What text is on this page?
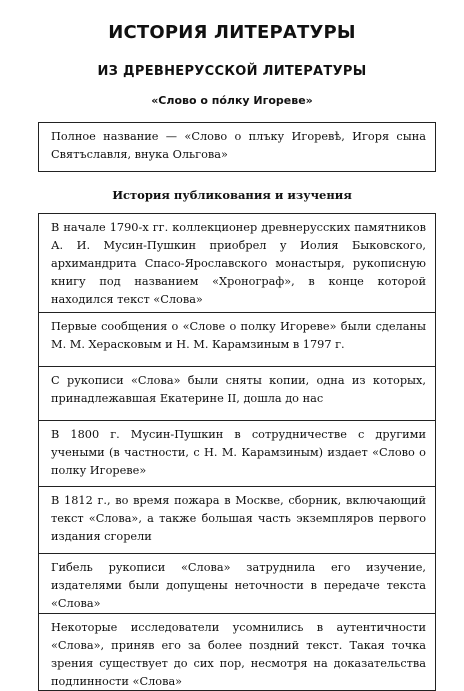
ИСТОРИЯ ЛИТЕРАТУРЫ
ИЗ ДРЕВНЕРУССКОЙ ЛИТЕРАТУРЫ
«Слово о пóлку Игореве»
Полное название — «Слово о плъку Игоревѣ, Игоря сына Святъславля, внука Ольгова»
История публикования и изучения
В начале 1790-х гг. коллекционер древнерусских памятников А. И. Мусин-Пушкин приобрел у Иолия Быковского, архимандрита Спасо-Ярославского монастыря, рукописную книгу под названием «Хронограф», в конце которой находился текст «Слова»
Первые сообщения о «Слове о полку Игореве» были сделаны М. М. Херасковым и Н. М. Карамзиным в 1797 г.
С рукописи «Слова» были сняты копии, одна из которых, принадлежавшая Екатерине II, дошла до нас
В 1800 г. Мусин-Пушкин в сотрудничестве с другими учеными (в частности, с Н. М. Карамзиным) издает «Слово о полку Игореве»
В 1812 г., во время пожара в Москве, сборник, включающий текст «Слова», а также большая часть экземпляров первого издания сгорели
Гибель рукописи «Слова» затруднила его изучение, издателями были допущены неточности в передаче текста «Слова»
Некоторые исследователи усомнились в аутентичности «Слова», приняв его за более поздний текст. Такая точка зрения существует до сих пор, несмотря на доказательства подлинности «Слова»
